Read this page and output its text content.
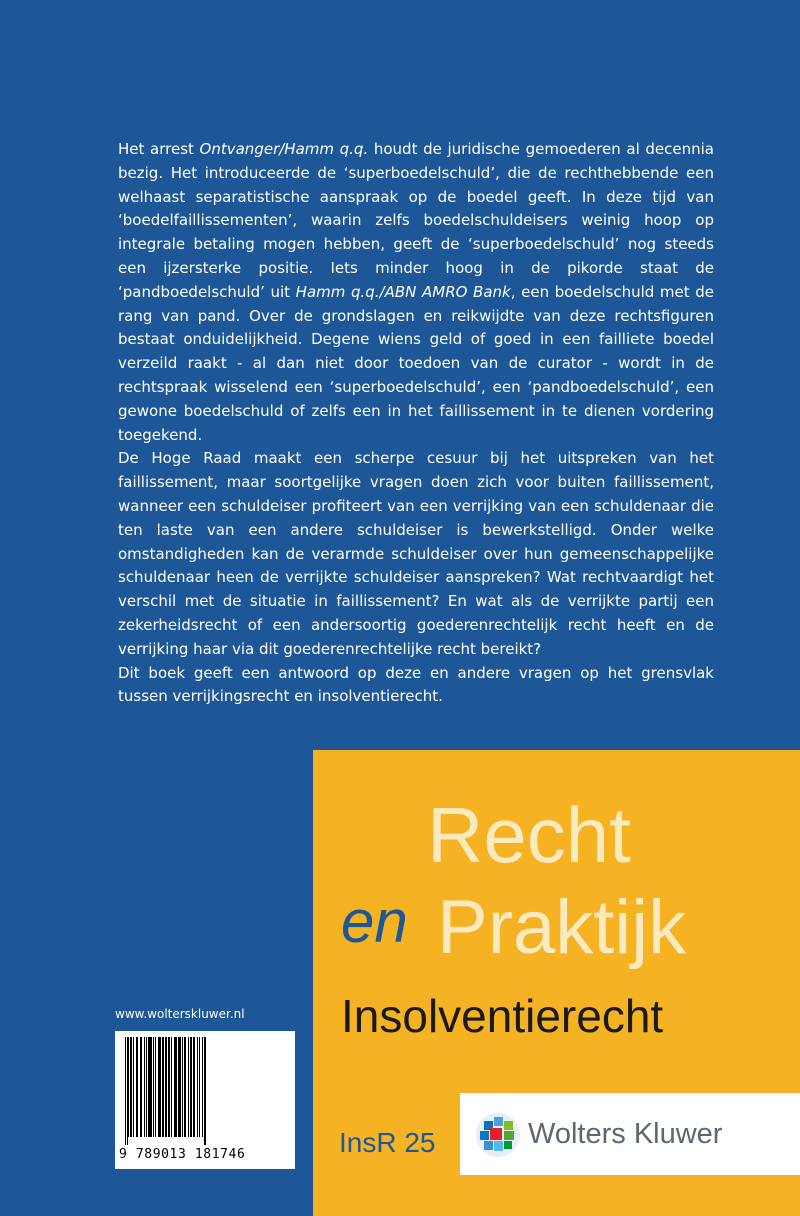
Het arrest Ontvanger/Hamm q.q. houdt de juridische gemoederen al decennia bezig. Het introduceerde de ‘superboedelschuld’, die de rechthebbende een welhaast separatistische aanspraak op de boedel geeft. In deze tijd van ‘boedelfaillissementen’, waarin zelfs boedelschuldeisers weinig hoop op integrale betaling mogen hebben, geeft de ‘superboedelschuld’ nog steeds een ijzersterke positie. Iets minder hoog in de pikorde staat de ‘pandboedelschuld’ uit Hamm q.q./ABN AMRO Bank, een boedelschuld met de rang van pand. Over de grondslagen en reikwijdte van deze rechtsfiguren bestaat onduidelijkheid. Degene wiens geld of goed in een failliete boedel verzeild raakt - al dan niet door toedoen van de curator - wordt in de rechtspraak wisselend een ‘superboedelschuld’, een ‘pandboedelschuld’, een gewone boedelschuld of zelfs een in het faillissement in te dienen vordering toegekend.

De Hoge Raad maakt een scherpe cesuur bij het uitspreken van het faillissement, maar soortgelijke vragen doen zich voor buiten faillissement, wanneer een schuldeiser profiteert van een verrijking van een schuldenaar die ten laste van een andere schuldeiser is bewerkstelligd. Onder welke omstandigheden kan de verarmde schuldeiser over hun gemeenschappelijke schuldenaar heen de verrijkte schuldeiser aanspreken? Wat rechtvaardigt het verschil met de situatie in faillissement? En wat als de verrijkte partij een zekerheidsrecht of een andersoortig goederenrechtelijk recht heeft en de verrijking haar via dit goederenrechtelijke recht bereikt?

Dit boek geeft een antwoord op deze en andere vragen op het grensvlak tussen verrijkingsrecht en insolventierecht.

Recht
en Praktijk
Insolventierecht
InsR 25	Wolters Kluwer
www.wolterskluwer.nl
9 789013 181746
